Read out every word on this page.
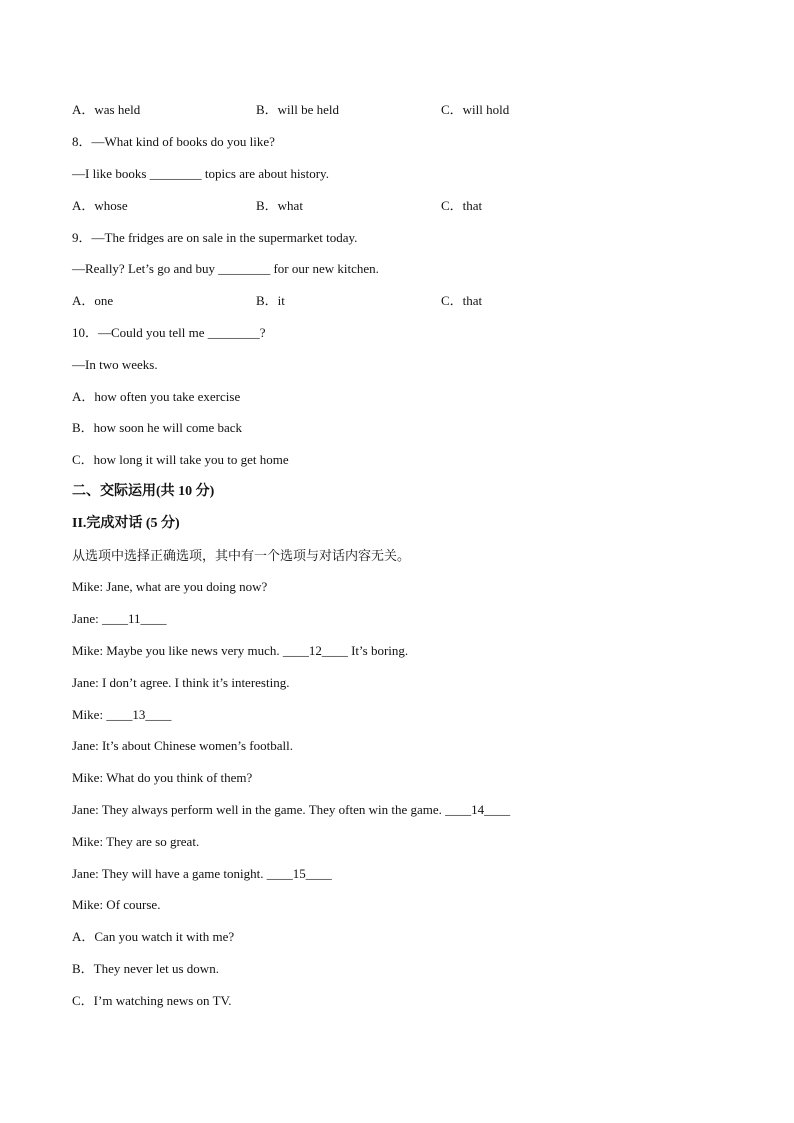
A．was held	B．will be held	C．will hold
8．—What kind of books do you like?
—I like books ________ topics are about history.
A．whose	B．what	C．that
9．—The fridges are on sale in the supermarket today.
—Really? Let’s go and buy ________ for our new kitchen.
A．one	B．it	C．that
10．—Could you tell me ________?
—In two weeks.
A．how often you take exercise
B．how soon he will come back
C．how long it will take you to get home
二、交际运用(共 10 分)
II.完成对话 (5 分)
从选项中选择正确选项，其中有一个选项与对话内容无关。
Mike: Jane, what are you doing now?
Jane: ____11____
Mike: Maybe you like news very much. ____12____ It’s boring.
Jane: I don’t agree. I think it’s interesting.
Mike: ____13____
Jane: It’s about Chinese women’s football.
Mike: What do you think of them?
Jane: They always perform well in the game. They often win the game. ____14____
Mike: They are so great.
Jane: They will have a game tonight. ____15____
Mike: Of course.
A．Can you watch it with me?
B．They never let us down.
C．I’m watching news on TV.
